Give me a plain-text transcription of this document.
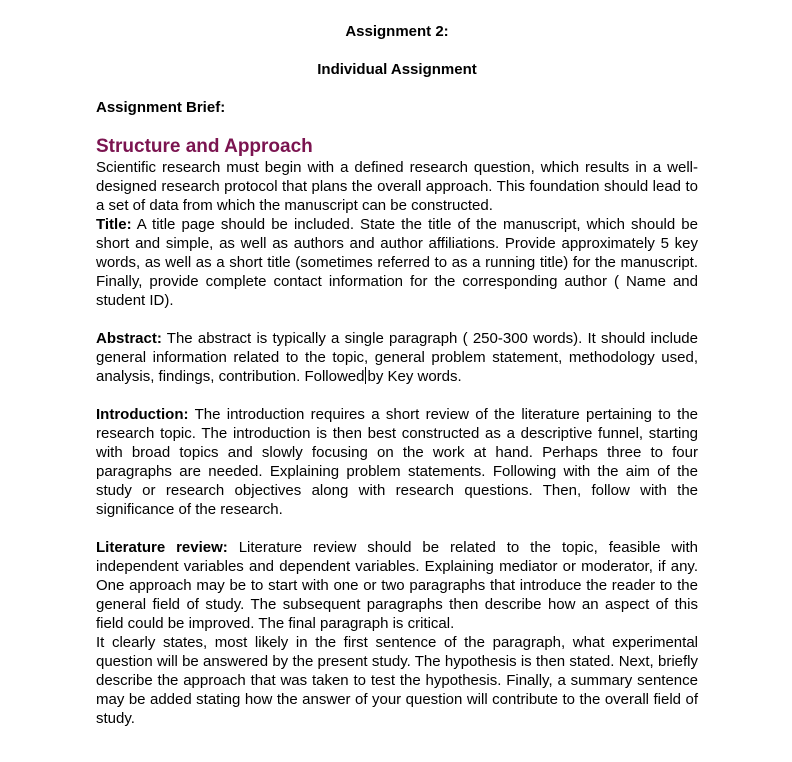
Assignment 2:

Individual Assignment

Assignment Brief:

Structure and Approach

Scientific research must begin with a defined research question, which results in a well-designed research protocol that plans the overall approach. This foundation should lead to a set of data from which the manuscript can be constructed.

Title: A title page should be included. State the title of the manuscript, which should be short and simple, as well as authors and author affiliations. Provide approximately 5 key words, as well as a short title (sometimes referred to as a running title) for the manuscript. Finally, provide complete contact information for the corresponding author ( Name and student ID).

Abstract: The abstract is typically a single paragraph ( 250-300 words). It should include general information related to the topic, general problem statement, methodology used, analysis, findings, contribution. Followed by Key words.

Introduction: The introduction requires a short review of the literature pertaining to the research topic. The introduction is then best constructed as a descriptive funnel, starting with broad topics and slowly focusing on the work at hand. Perhaps three to four paragraphs are needed. Explaining problem statements. Following with the aim of the study or research objectives along with research questions. Then, follow with the significance of the research.

Literature review: Literature review should be related to the topic, feasible with independent variables and dependent variables. Explaining mediator or moderator, if any. One approach may be to start with one or two paragraphs that introduce the reader to the general field of study. The subsequent paragraphs then describe how an aspect of this field could be improved. The final paragraph is critical.

It clearly states, most likely in the first sentence of the paragraph, what experimental question will be answered by the present study. The hypothesis is then stated. Next, briefly describe the approach that was taken to test the hypothesis. Finally, a summary sentence may be added stating how the answer of your question will contribute to the overall field of study.
